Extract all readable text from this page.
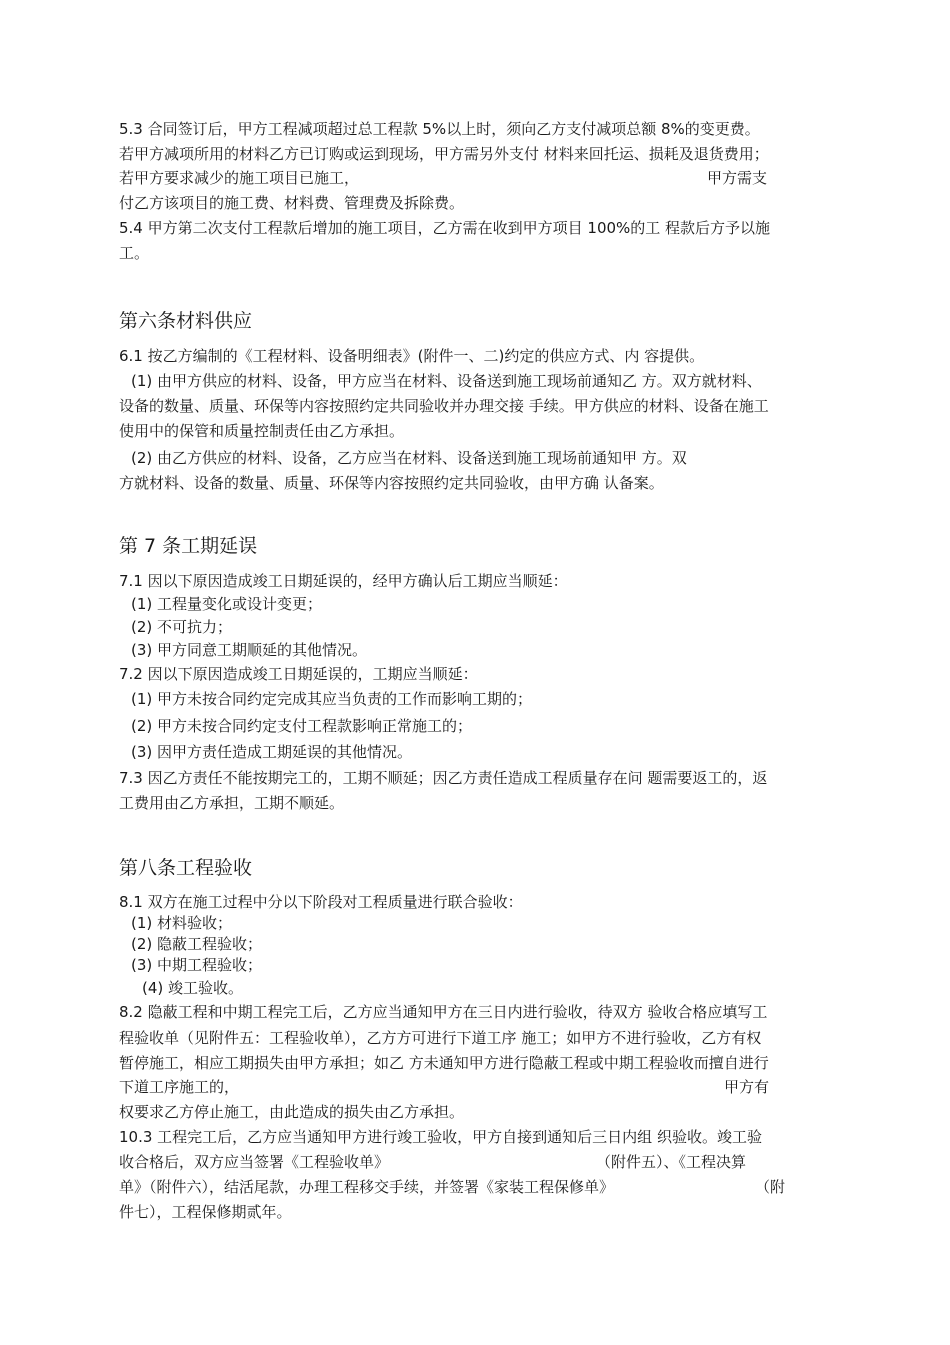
5.3 合同签订后，甲方工程减项超过总工程款 5%以上时，须向乙方支付减项总额 8%的变更费。
若甲方减项所用的材料乙方已订购或运到现场，甲方需另外支付 材料来回托运、损耗及退货费用；
若甲方要求减少的施工项目已施工，	甲方需支
付乙方该项目的施工费、材料费、管理费及拆除费。
5.4 甲方第二次支付工程款后增加的施工项目，乙方需在收到甲方项目 100%的工 程款后方予以施
工。
第六条材料供应
6.1 按乙方编制的《工程材料、设备明细表》(附件一、二)约定的供应方式、内 容提供。
(1) 由甲方供应的材料、设备，甲方应当在材料、设备送到施工现场前通知乙 方。双方就材料、
设备的数量、质量、环保等内容按照约定共同验收并办理交接 手续。甲方供应的材料、设备在施工
使用中的保管和质量控制责任由乙方承担。
(2) 由乙方供应的材料、设备，乙方应当在材料、设备送到施工现场前通知甲 方。双
方就材料、设备的数量、质量、环保等内容按照约定共同验收，由甲方确 认备案。
第 7 条工期延误
7.1 因以下原因造成竣工日期延误的，经甲方确认后工期应当顺延：
(1) 工程量变化或设计变更；
(2) 不可抗力；
(3) 甲方同意工期顺延的其他情况。
7.2 因以下原因造成竣工日期延误的，工期应当顺延：
(1) 甲方未按合同约定完成其应当负责的工作而影响工期的；
(2) 甲方未按合同约定支付工程款影响正常施工的；
(3) 因甲方责任造成工期延误的其他情况。
7.3 因乙方责任不能按期完工的，工期不顺延；因乙方责任造成工程质量存在问 题需要返工的，返
工费用由乙方承担，工期不顺延。
第八条工程验收
8.1 双方在施工过程中分以下阶段对工程质量进行联合验收：
(1) 材料验收；
(2) 隐蔽工程验收；
(3) 中期工程验收；
(4) 竣工验收。
8.2 隐蔽工程和中期工程完工后，乙方应当通知甲方在三日内进行验收，待双方 验收合格应填写工
程验收单（见附件五：工程验收单），乙方方可进行下道工序 施工；如甲方不进行验收，乙方有权
暂停施工，相应工期损失由甲方承担；如乙 方未通知甲方进行隐蔽工程或中期工程验收而擅自进行
下道工序施工的，	甲方有
权要求乙方停止施工，由此造成的损失由乙方承担。
10.3 工程完工后，乙方应当通知甲方进行竣工验收，甲方自接到通知后三日内组 织验收。竣工验
收合格后，双方应当签署《工程验收单》	（附件五）、《工程决算
单》（附件六），结活尾款，办理工程移交手续，并签署《家装工程保修单》	（附
件七），工程保修期贰年。
